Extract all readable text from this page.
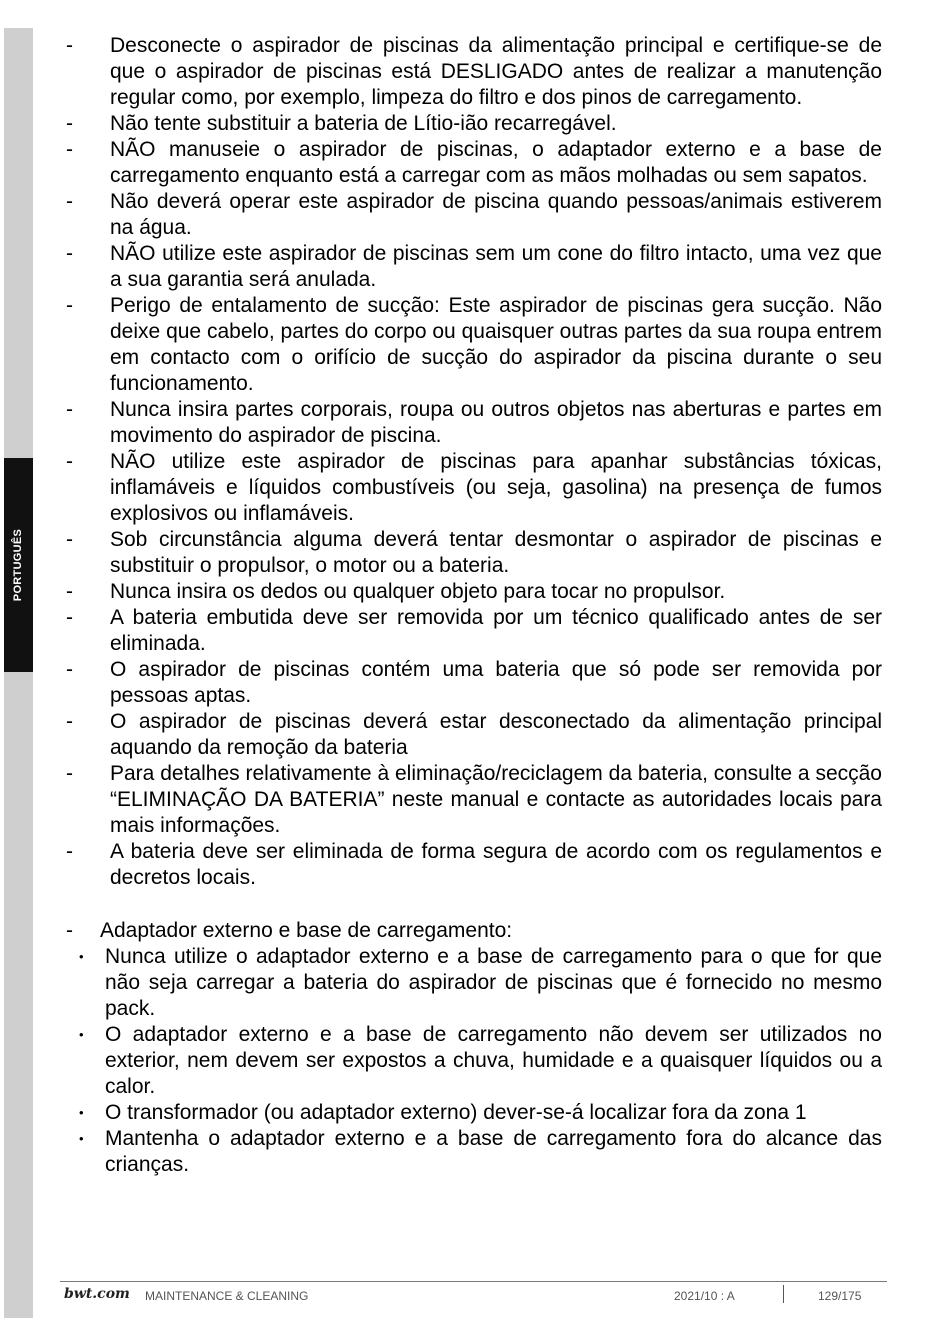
PORTUGUÊS
- Desconecte o aspirador de piscinas da alimentação principal e certifique-se de que o aspirador de piscinas está DESLIGADO antes de realizar a manutenção regular como, por exemplo, limpeza do filtro e dos pinos de carregamento.
- Não tente substituir a bateria de Lítio-ião recarregável.
- NÃO manuseie o aspirador de piscinas, o adaptador externo e a base de carregamento enquanto está a carregar com as mãos molhadas ou sem sapatos.
- Não deverá operar este aspirador de piscina quando pessoas/animais estiverem na água.
- NÃO utilize este aspirador de piscinas sem um cone do filtro intacto, uma vez que a sua garantia será anulada.
- Perigo de entalamento de sucção: Este aspirador de piscinas gera sucção. Não deixe que cabelo, partes do corpo ou quaisquer outras partes da sua roupa entrem em contacto com o orifício de sucção do aspirador da piscina durante o seu funcionamento.
- Nunca insira partes corporais, roupa ou outros objetos nas aberturas e partes em movimento do aspirador de piscina.
- NÃO utilize este aspirador de piscinas para apanhar substâncias tóxicas, inflamáveis e líquidos combustíveis (ou seja, gasolina) na presença de fumos explosivos ou inflamáveis.
- Sob circunstância alguma deverá tentar desmontar o aspirador de piscinas e substituir o propulsor, o motor ou a bateria.
- Nunca insira os dedos ou qualquer objeto para tocar no propulsor.
- A bateria embutida deve ser removida por um técnico qualificado antes de ser eliminada.
- O aspirador de piscinas contém uma bateria que só pode ser removida por pessoas aptas.
- O aspirador de piscinas deverá estar desconectado da alimentação principal aquando da remoção da bateria
- Para detalhes relativamente à eliminação/reciclagem da bateria, consulte a secção “ELIMINAÇÃO DA BATERIA” neste manual e contacte as autoridades locais para mais informações.
- A bateria deve ser eliminada de forma segura de acordo com os regulamentos e decretos locais.
- Adaptador externo e base de carregamento:
• Nunca utilize o adaptador externo e a base de carregamento para o que for que não seja carregar a bateria do aspirador de piscinas que é fornecido no mesmo pack.
• O adaptador externo e a base de carregamento não devem ser utilizados no exterior, nem devem ser expostos a chuva, humidade e a quaisquer líquidos ou a calor.
• O transformador (ou adaptador externo) dever-se-á localizar fora da zona 1
• Mantenha o adaptador externo e a base de carregamento fora do alcance das crianças.
bwt.com MAINTENANCE & CLEANING	2021/10 : A	129/175
